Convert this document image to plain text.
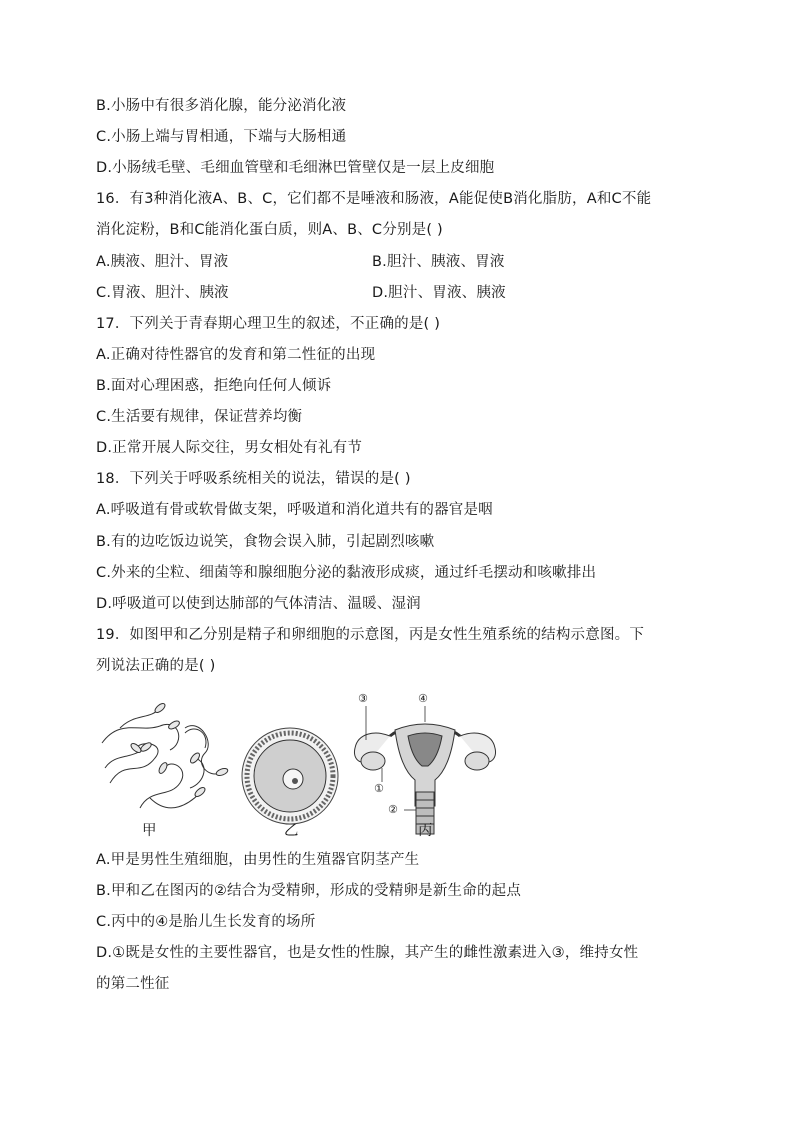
B.小肠中有很多消化腺，能分泌消化液
C.小肠上端与胃相通，下端与大肠相通
D.小肠绒毛壁、毛细血管壁和毛细淋巴管壁仅是一层上皮细胞
16．有3种消化液A、B、C，它们都不是唾液和肠液，A能促使B消化脂肪，A和C不能
消化淀粉，B和C能消化蛋白质，则A、B、C分别是( )
A.胰液、胆汁、胃液	B.胆汁、胰液、胃液
C.胃液、胆汁、胰液	D.胆汁、胃液、胰液
17．下列关于青春期心理卫生的叙述，不正确的是( )
A.正确对待性器官的发育和第二性征的出现
B.面对心理困惑，拒绝向任何人倾诉
C.生活要有规律，保证营养均衡
D.正常开展人际交往，男女相处有礼有节
18．下列关于呼吸系统相关的说法，错误的是( )
A.呼吸道有骨或软骨做支架，呼吸道和消化道共有的器官是咽
B.有的边吃饭边说笑，食物会误入肺，引起剧烈咳嗽
C.外来的尘粒、细菌等和腺细胞分泌的黏液形成痰，通过纤毛摆动和咳嗽排出
D.呼吸道可以使到达肺部的气体清洁、温暖、湿润
19．如图甲和乙分别是精子和卵细胞的示意图，丙是女性生殖系统的结构示意图。下
列说法正确的是( )
③	④
①
②
甲	乙	丙
A.甲是男性生殖细胞，由男性的生殖器官阴茎产生
B.甲和乙在图丙的②结合为受精卵，形成的受精卵是新生命的起点
C.丙中的④是胎儿生长发育的场所
D.①既是女性的主要性器官，也是女性的性腺，其产生的雌性激素进入③，维持女性
的第二性征
